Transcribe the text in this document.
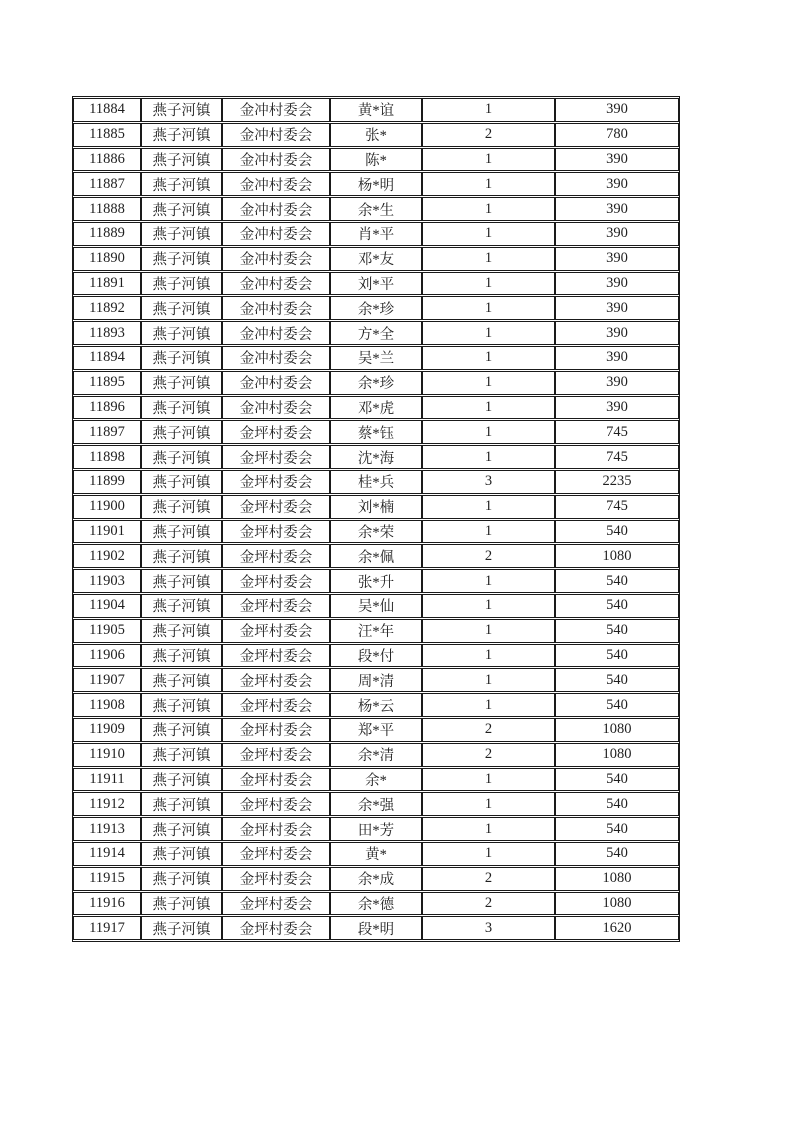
11884	燕子河镇	金冲村委会	黄*谊	1	390
11885	燕子河镇	金冲村委会	张*	2	780
11886	燕子河镇	金冲村委会	陈*	1	390
11887	燕子河镇	金冲村委会	杨*明	1	390
11888	燕子河镇	金冲村委会	余*生	1	390
11889	燕子河镇	金冲村委会	肖*平	1	390
11890	燕子河镇	金冲村委会	邓*友	1	390
11891	燕子河镇	金冲村委会	刘*平	1	390
11892	燕子河镇	金冲村委会	余*珍	1	390
11893	燕子河镇	金冲村委会	方*全	1	390
11894	燕子河镇	金冲村委会	吴*兰	1	390
11895	燕子河镇	金冲村委会	余*珍	1	390
11896	燕子河镇	金冲村委会	邓*虎	1	390
11897	燕子河镇	金坪村委会	蔡*钰	1	745
11898	燕子河镇	金坪村委会	沈*海	1	745
11899	燕子河镇	金坪村委会	桂*兵	3	2235
11900	燕子河镇	金坪村委会	刘*楠	1	745
11901	燕子河镇	金坪村委会	余*荣	1	540
11902	燕子河镇	金坪村委会	余*佩	2	1080
11903	燕子河镇	金坪村委会	张*升	1	540
11904	燕子河镇	金坪村委会	吴*仙	1	540
11905	燕子河镇	金坪村委会	汪*年	1	540
11906	燕子河镇	金坪村委会	段*付	1	540
11907	燕子河镇	金坪村委会	周*清	1	540
11908	燕子河镇	金坪村委会	杨*云	1	540
11909	燕子河镇	金坪村委会	郑*平	2	1080
11910	燕子河镇	金坪村委会	余*清	2	1080
11911	燕子河镇	金坪村委会	余*	1	540
11912	燕子河镇	金坪村委会	余*强	1	540
11913	燕子河镇	金坪村委会	田*芳	1	540
11914	燕子河镇	金坪村委会	黄*	1	540
11915	燕子河镇	金坪村委会	余*成	2	1080
11916	燕子河镇	金坪村委会	余*德	2	1080
11917	燕子河镇	金坪村委会	段*明	3	1620
